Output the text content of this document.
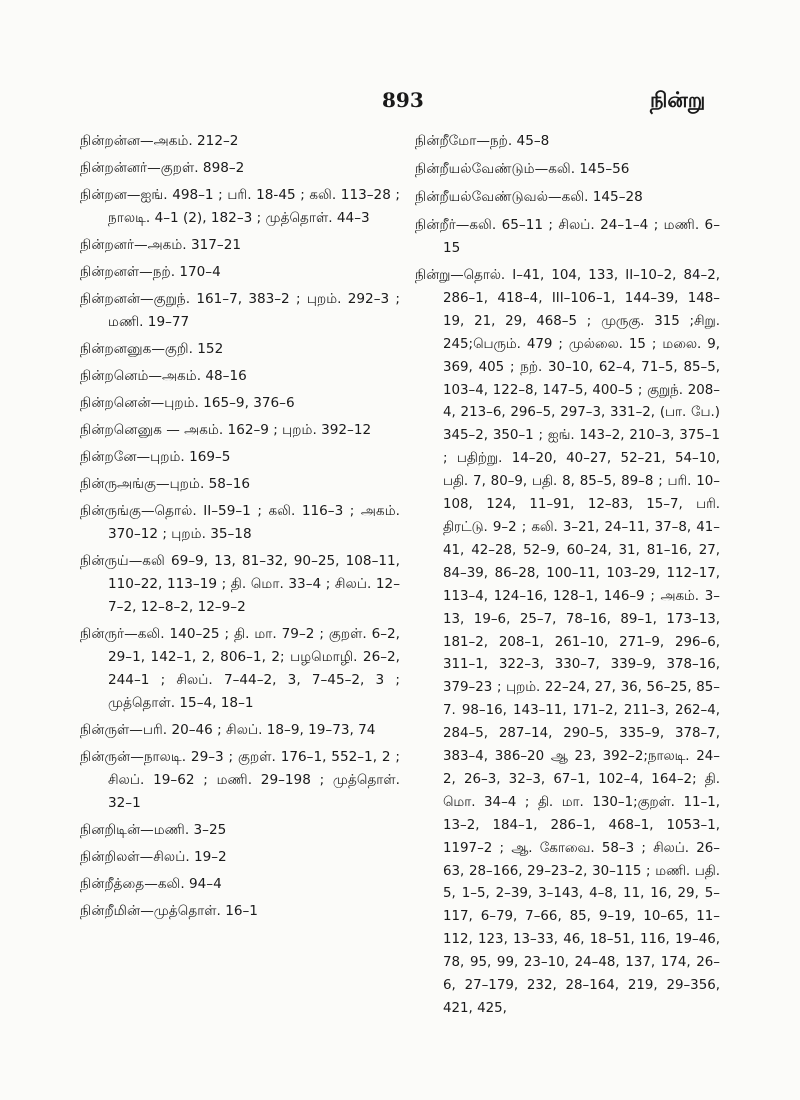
893	நின்று
நின்றன்ன—அகம். 212–2
நின்றன்னர்—குறள். 898–2
நின்றன—ஐங். 498–1 ; பரி. 18-45 ; கலி. 113–28 ; நாலடி. 4–1 (2), 182–3 ; முத்தொள். 44–3
நின்றனர்—அகம். 317–21
நின்றனள்—நற். 170–4
நின்றனன்—குறுந். 161–7, 383–2 ; புறம். 292–3 ; மணி. 19–77
நின்றனனுக—குறி. 152
நின்றனெம்—அகம். 48–16
நின்றனென்—புறம். 165–9, 376–6
நின்றனெனுக — அகம். 162–9 ; புறம். 392–12
நின்றனே—புறம். 169–5
நின்ருஅங்கு—புறம். 58–16
நின்ருங்கு—தொல். II–59–1 ; கலி. 116–3 ; அகம். 370–12 ; புறம். 35–18
நின்ருய்—கலி 69–9, 13, 81–32, 90–25, 108–11, 110–22, 113–19 ; தி. மொ. 33–4 ; சிலப். 12–7–2, 12–8–2, 12–9–2
நின்ருர்—கலி. 140–25 ; தி. மா. 79–2 ; குறள். 6–2, 29–1, 142–1, 2, 806–1, 2; பழமொழி. 26–2, 244–1 ; சிலப். 7–44–2, 3, 7–45–2, 3 ; முத்தொள். 15–4, 18–1
நின்ருள்—பரி. 20–46 ; சிலப். 18–9, 19–73, 74
நின்ருன்—நாலடி. 29–3 ; குறள். 176–1, 552–1, 2 ; சிலப். 19–62 ; மணி. 29–198 ; முத்தொள். 32–1
நினறிடின்—மணி. 3–25
நின்றிலள்—சிலப். 19–2
நின்றீத்தை—கலி. 94–4
நின்றீமின்—முத்தொள். 16–1
நின்றீமோ—நற். 45–8
நின்றீயல்வேண்டும்—கலி. 145–56
நின்றீயல்வேண்டுவல்—கலி. 145–28
நின்றீர்—கலி. 65–11 ; சிலப். 24–1–4 ; மணி. 6–15
நின்று—தொல். I–41, 104, 133, II–10–2, 84–2, 286–1, 418–4, III–106–1, 144–39, 148–19, 21, 29, 468–5 ; முருகு. 315 ;சிறு. 245;பெரும். 479 ; முல்லை. 15 ; மலை. 9, 369, 405 ; நற். 30–10, 62–4, 71–5, 85–5, 103–4, 122–8, 147–5, 400–5 ; குறுந். 208–4, 213–6, 296–5, 297–3, 331–2, (பா. பே.) 345–2, 350–1 ; ஐங். 143–2, 210–3, 375–1 ; பதிற்று. 14–20, 40–27, 52–21, 54–10, பதி. 7, 80–9, பதி. 8, 85–5, 89–8 ; பரி. 10–108, 124, 11–91, 12–83, 15–7, பரி. திரட்டு. 9–2 ; கலி. 3–21, 24–11, 37–8, 41–41, 42–28, 52–9, 60–24, 31, 81–16, 27, 84–39, 86–28, 100–11, 103–29, 112–17, 113–4, 124–16, 128–1, 146–9 ; அகம். 3–13, 19–6, 25–7, 78–16, 89–1, 173–13, 181–2, 208–1, 261–10, 271–9, 296–6, 311–1, 322–3, 330–7, 339–9, 378–16, 379–23 ; புறம். 22–24, 27, 36, 56–25, 85–7. 98–16, 143–11, 171–2, 211–3, 262–4, 284–5, 287–14, 290–5, 335–9, 378–7, 383–4, 386–20 ஆ 23, 392–2;நாலடி. 24–2, 26–3, 32–3, 67–1, 102–4, 164–2; தி. மொ. 34–4 ; தி. மா. 130–1;குறள். 11–1, 13–2, 184–1, 286–1, 468–1, 1053–1, 1197–2 ; ஆ. கோவை. 58–3 ; சிலப். 26–63, 28–166, 29–23–2, 30–115 ; மணி. பதி. 5, 1–5, 2–39, 3–143, 4–8, 11, 16, 29, 5–117, 6–79, 7–66, 85, 9–19, 10–65, 11–112, 123, 13–33, 46, 18–51, 116, 19–46, 78, 95, 99, 23–10, 24–48, 137, 174, 26–6, 27–179, 232, 28–164, 219, 29–356, 421, 425,
